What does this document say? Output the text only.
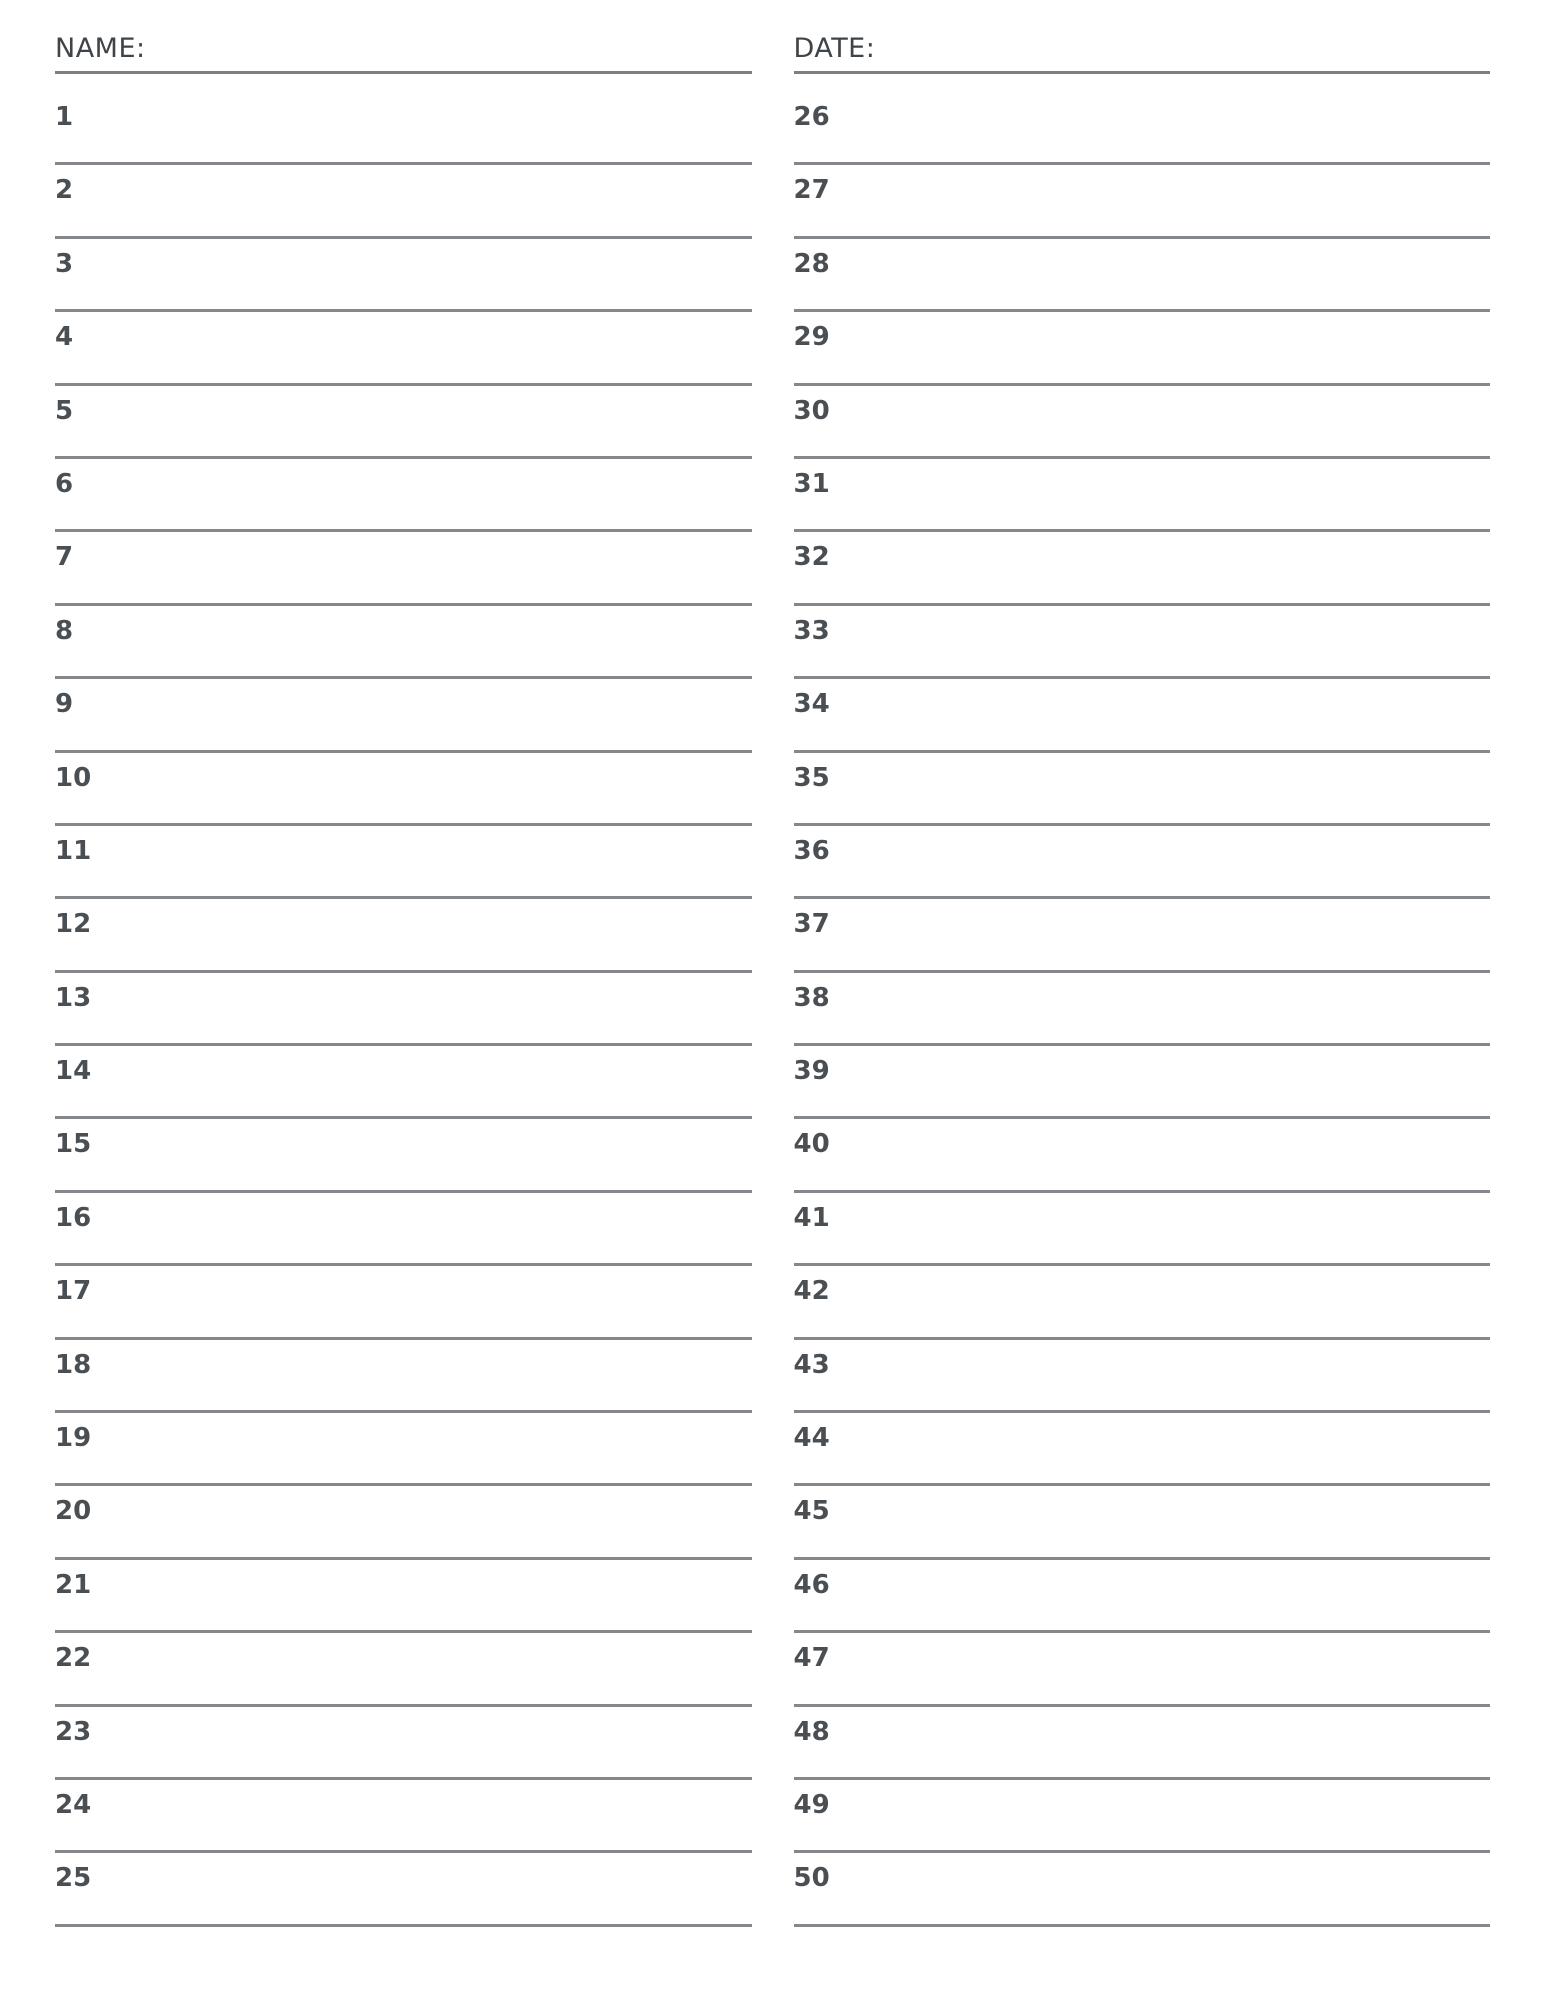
NAME:	DATE:
1
2
3
4
5
6
7
8
9
10
11
12
13
14
15
16
17
18
19
20
21
22
23
24
25
26
27
28
29
30
31
32
33
34
35
36
37
38
39
40
41
42
43
44
45
46
47
48
49
50
